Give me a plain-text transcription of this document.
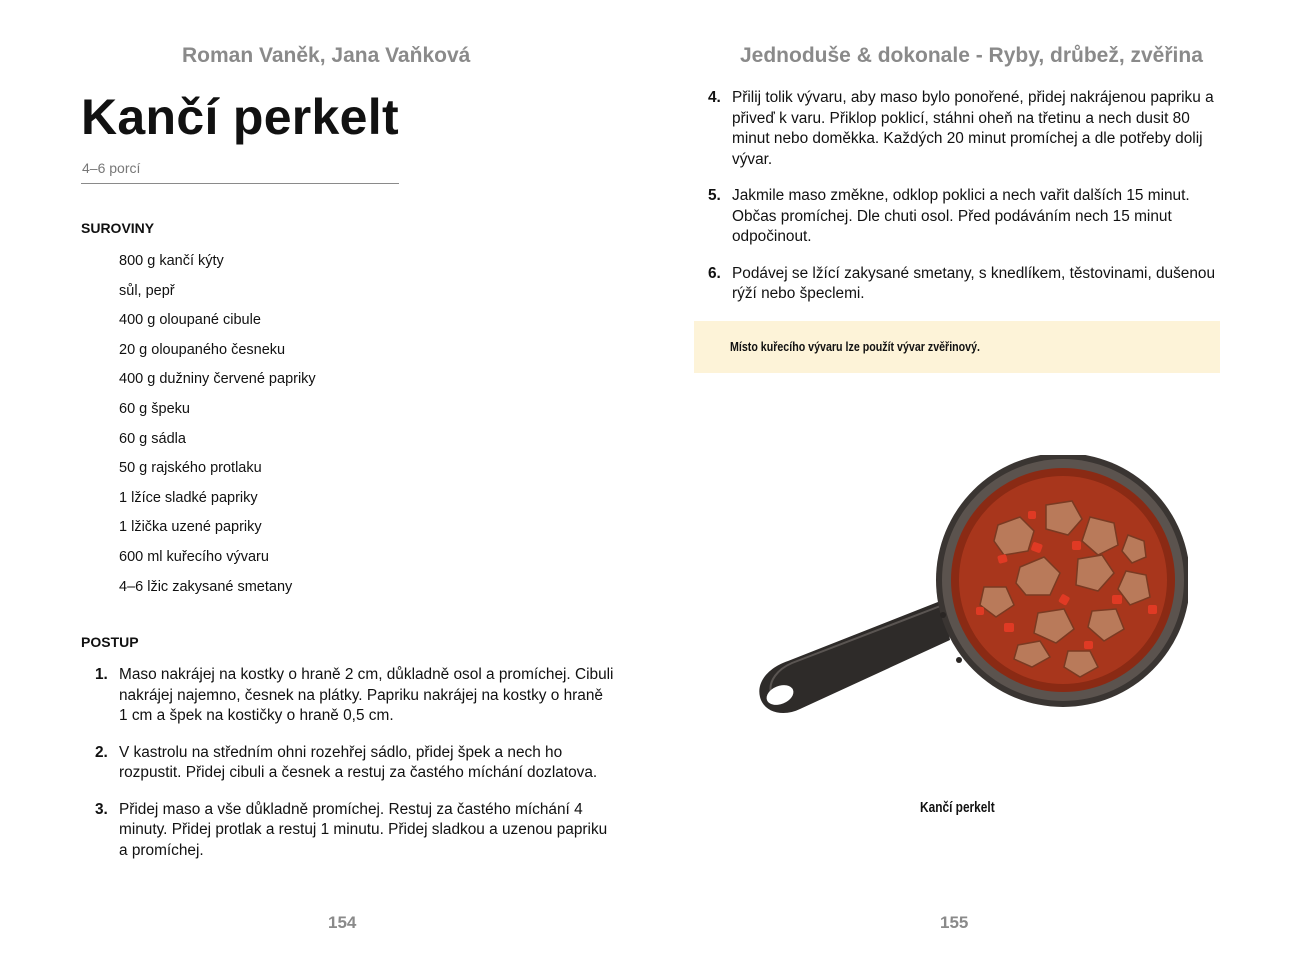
Roman Vaněk, Jana Vaňková
Kančí perkelt
4–6 porcí
SUROVINY
800 g kančí kýty
sůl, pepř
400 g oloupané cibule
20 g oloupaného česneku
400 g dužniny červené papriky
60 g špeku
60 g sádla
50 g rajského protlaku
1 lžíce sladké papriky
1 lžička uzené papriky
600 ml kuřecího vývaru
4–6 lžic zakysané smetany
POSTUP
1. Maso nakrájej na kostky o hraně 2 cm, důkladně osol a promíchej. Cibuli nakrájej najemno, česnek na plátky. Papriku nakrájej na kostky o hraně 1 cm a špek na kostičky o hraně 0,5 cm.
2. V kastrolu na středním ohni rozehřej sádlo, přidej špek a nech ho rozpustit. Přidej cibuli a česnek a restuj za častého míchání dozlatova.
3. Přidej maso a vše důkladně promíchej. Restuj za častého míchání 4 minuty. Přidej protlak a restuj 1 minutu. Přidej sladkou a uzenou papriku a promíchej.
154
Jednoduše & dokonale - Ryby, drůbež, zvěřina
4. Přilij tolik vývaru, aby maso bylo ponořené, přidej nakrájenou papriku a přiveď k varu. Přiklop poklicí, stáhni oheň na třetinu a nech dusit 80 minut nebo doměkka. Každých 20 minut promíchej a dle potřeby dolij vývar.
5. Jakmile maso změkne, odklop poklici a nech vařit dalších 15 minut. Občas promíchej. Dle chuti osol. Před podáváním nech 15 minut odpočinout.
6. Podávej se lžící zakysané smetany, s knedlíkem, těstovinami, dušenou rýží nebo špeclemi.
Místo kuřecího vývaru lze použít vývar zvěřinový.
Kančí perkelt
155
